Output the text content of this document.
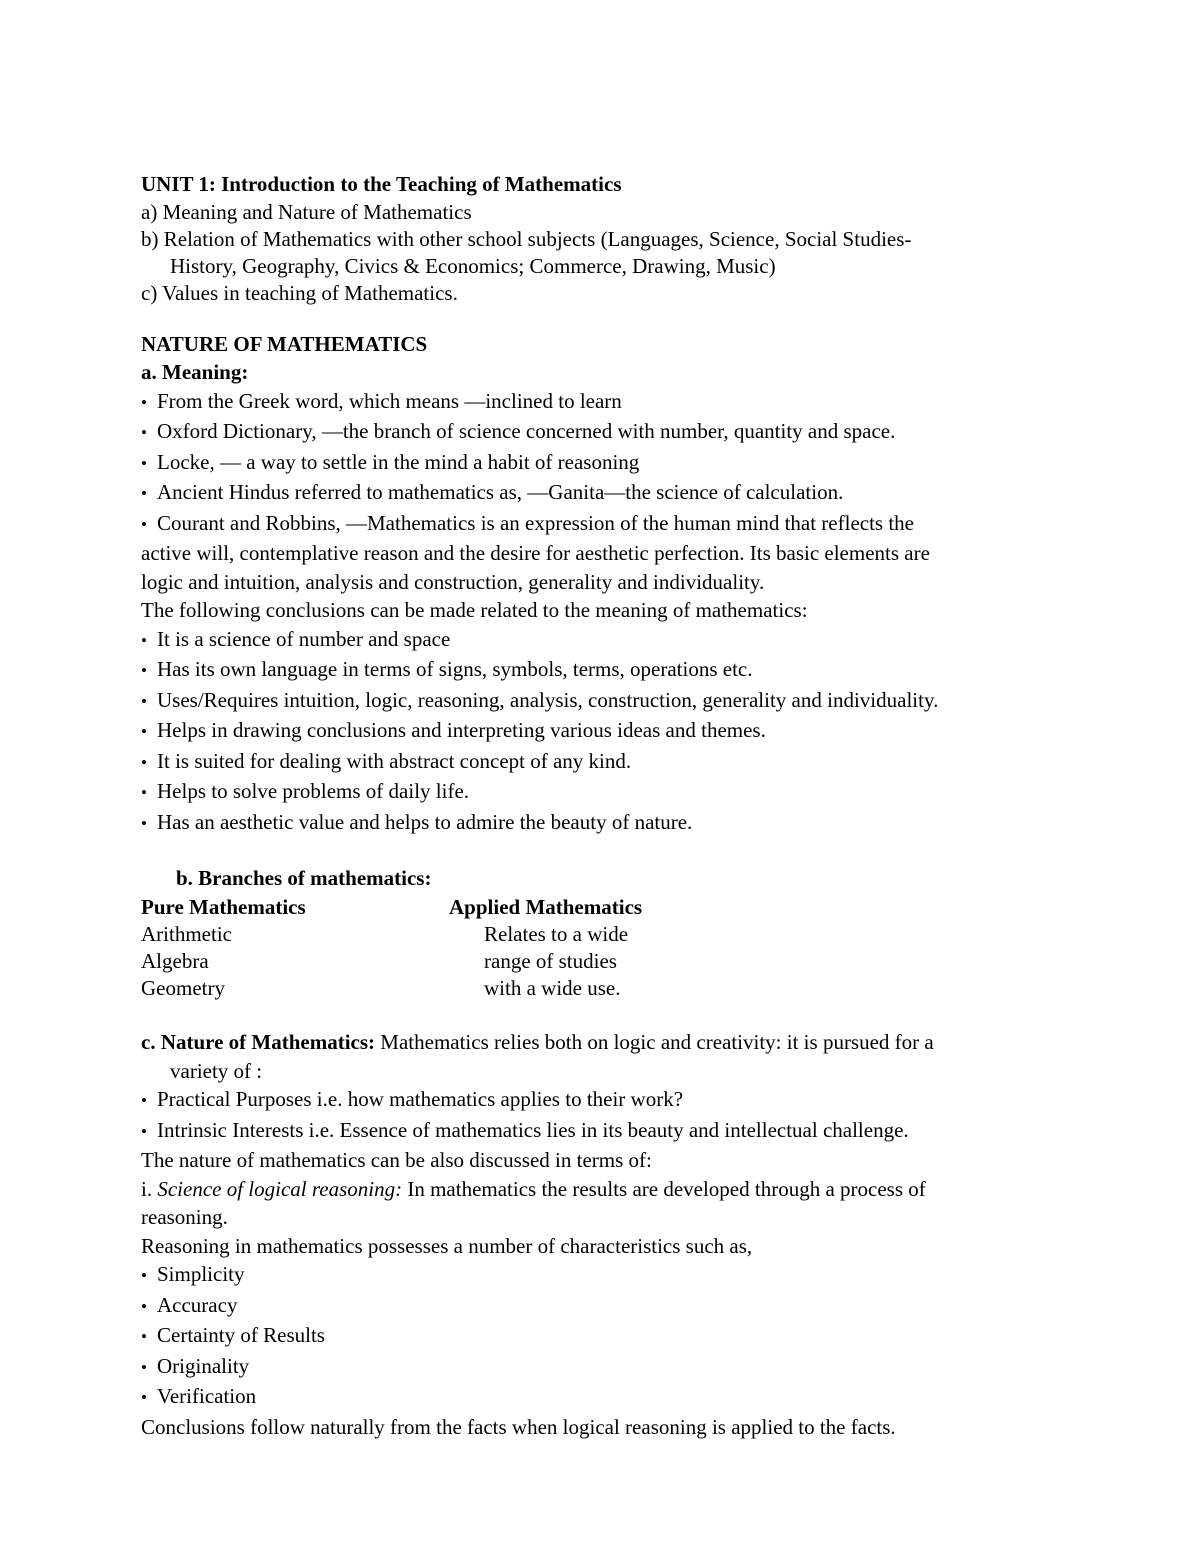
UNIT 1: Introduction to the Teaching of Mathematics
a) Meaning and Nature of Mathematics
b) Relation of Mathematics with other school subjects (Languages, Science, Social Studies-
History, Geography, Civics & Economics; Commerce, Drawing, Music)
c) Values in teaching of Mathematics.
NATURE OF MATHEMATICS
a. Meaning:
• From the Greek word, which means —inclined to learn
• Oxford Dictionary, —the branch of science concerned with number, quantity and space.
• Locke, — a way to settle in the mind a habit of reasoning
• Ancient Hindus referred to mathematics as, —Ganita—the science of calculation.
• Courant and Robbins, —Mathematics is an expression of the human mind that reflects the
active will, contemplative reason and the desire for aesthetic perfection. Its basic elements are
logic and intuition, analysis and construction, generality and individuality.
The following conclusions can be made related to the meaning of mathematics:
• It is a science of number and space
• Has its own language in terms of signs, symbols, terms, operations etc.
• Uses/Requires intuition, logic, reasoning, analysis, construction, generality and individuality.
• Helps in drawing conclusions and interpreting various ideas and themes.
• It is suited for dealing with abstract concept of any kind.
• Helps to solve problems of daily life.
• Has an aesthetic value and helps to admire the beauty of nature.
b. Branches of mathematics:
Pure Mathematics
Arithmetic
Algebra
Geometry
Applied Mathematics
Relates to a wide
range of studies
with a wide use.
c. Nature of Mathematics: Mathematics relies both on logic and creativity: it is pursued for a
variety of :
• Practical Purposes i.e. how mathematics applies to their work?
• Intrinsic Interests i.e. Essence of mathematics lies in its beauty and intellectual challenge.
The nature of mathematics can be also discussed in terms of:
i. Science of logical reasoning: In mathematics the results are developed through a process of
reasoning.
Reasoning in mathematics possesses a number of characteristics such as,
• Simplicity
• Accuracy
• Certainty of Results
• Originality
• Verification
Conclusions follow naturally from the facts when logical reasoning is applied to the facts.
